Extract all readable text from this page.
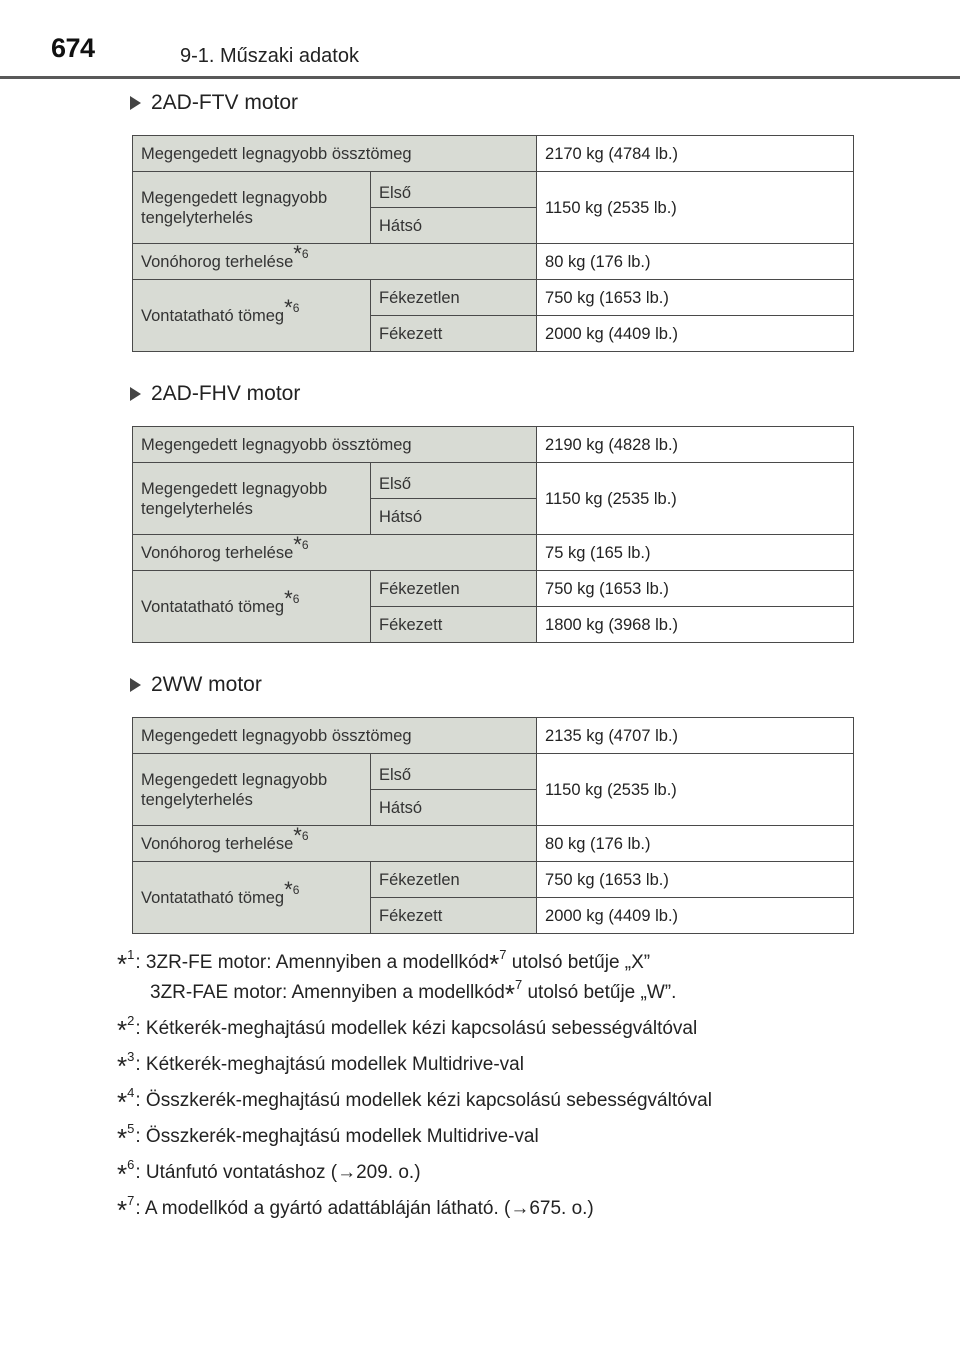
674	9-1. Műszaki adatok
2AD-FTV motor
Megengedett legnagyobb össztömeg		2170 kg (4784 lb.)
Megengedett legnagyobb
tengelyterhelés	Első	1150 kg (2535 lb.)
	Hátsó	
Vonóhorog terhelése$^{*6}$		80 kg (176 lb.)
Vontatatható tömeg$^{*6}$	Fékezetlen	750 kg (1653 lb.)
	Fékezett	2000 kg (4409 lb.)
2AD-FHV motor
Megengedett legnagyobb össztömeg		2190 kg (4828 lb.)
Megengedett legnagyobb
tengelyterhelés	Első	1150 kg (2535 lb.)
	Hátsó	
Vonóhorog terhelése$^{*6}$		75 kg (165 lb.)
Vontatatható tömeg$^{*6}$	Fékezetlen	750 kg (1653 lb.)
	Fékezett	1800 kg (3968 lb.)
2WW motor
Megengedett legnagyobb össztömeg		2135 kg (4707 lb.)
Megengedett legnagyobb
tengelyterhelés	Első	1150 kg (2535 lb.)
	Hátsó	
Vonóhorog terhelése$^{*6}$		80 kg (176 lb.)
Vontatatható tömeg$^{*6}$	Fékezetlen	750 kg (1653 lb.)
	Fékezett	2000 kg (4409 lb.)
*$^1$: 3ZR-FE motor: Amennyiben a modellkód*$^7$ utolsó betűje „X”
3ZR-FAE motor: Amennyiben a modellkód*$^7$ utolsó betűje „W”.
*$^2$: Kétkerék-meghajtású modellek kézi kapcsolású sebességváltóval
*$^3$: Kétkerék-meghajtású modellek Multidrive-val
*$^4$: Összkerék-meghajtású modellek kézi kapcsolású sebességváltóval
*$^5$: Összkerék-meghajtású modellek Multidrive-val
*$^6$: Utánfutó vontatáshoz (→209. o.)
*$^7$: A modellkód a gyártó adattábláján látható. (→675. o.)
